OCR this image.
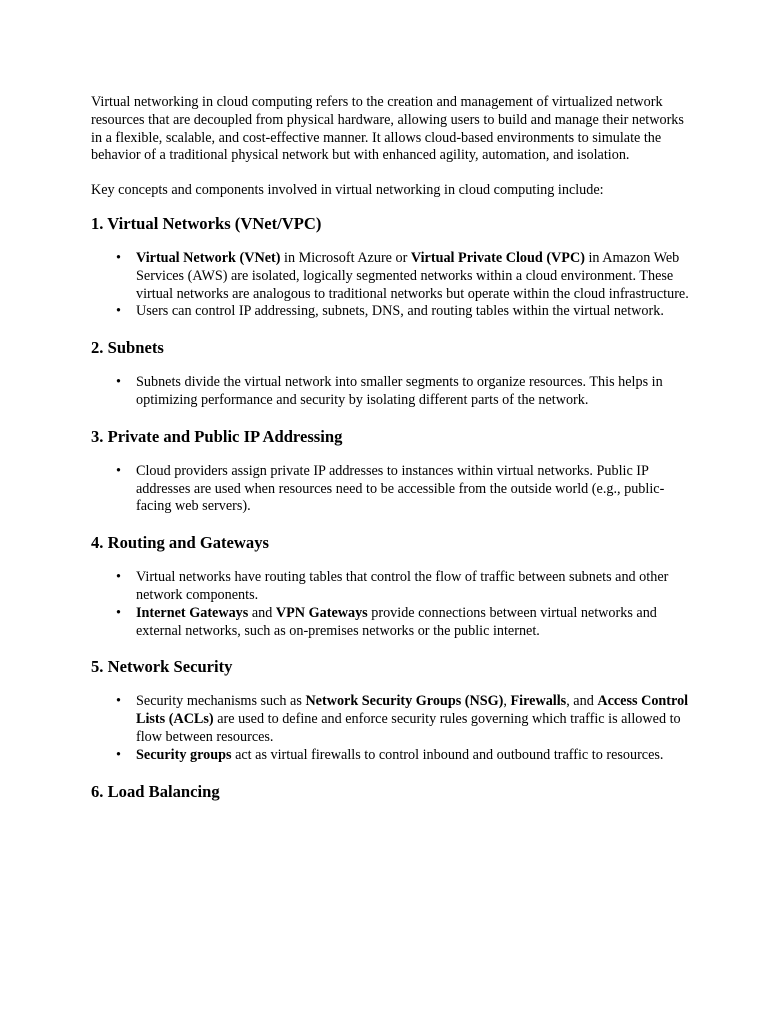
Virtual networking in cloud computing refers to the creation and management of virtualized network resources that are decoupled from physical hardware, allowing users to build and manage their networks in a flexible, scalable, and cost-effective manner. It allows cloud-based environments to simulate the behavior of a traditional physical network but with enhanced agility, automation, and isolation.

Key concepts and components involved in virtual networking in cloud computing include:

1. Virtual Networks (VNet/VPC)
• Virtual Network (VNet) in Microsoft Azure or Virtual Private Cloud (VPC) in Amazon Web Services (AWS) are isolated, logically segmented networks within a cloud environment. These virtual networks are analogous to traditional networks but operate within the cloud infrastructure.
• Users can control IP addressing, subnets, DNS, and routing tables within the virtual network.
2. Subnets
• Subnets divide the virtual network into smaller segments to organize resources. This helps in optimizing performance and security by isolating different parts of the network.
3. Private and Public IP Addressing
• Cloud providers assign private IP addresses to instances within virtual networks. Public IP addresses are used when resources need to be accessible from the outside world (e.g., public-facing web servers).
4. Routing and Gateways
• Virtual networks have routing tables that control the flow of traffic between subnets and other network components.
• Internet Gateways and VPN Gateways provide connections between virtual networks and external networks, such as on-premises networks or the public internet.
5. Network Security
• Security mechanisms such as Network Security Groups (NSG), Firewalls, and Access Control Lists (ACLs) are used to define and enforce security rules governing which traffic is allowed to flow between resources.
• Security groups act as virtual firewalls to control inbound and outbound traffic to resources.
6. Load Balancing
